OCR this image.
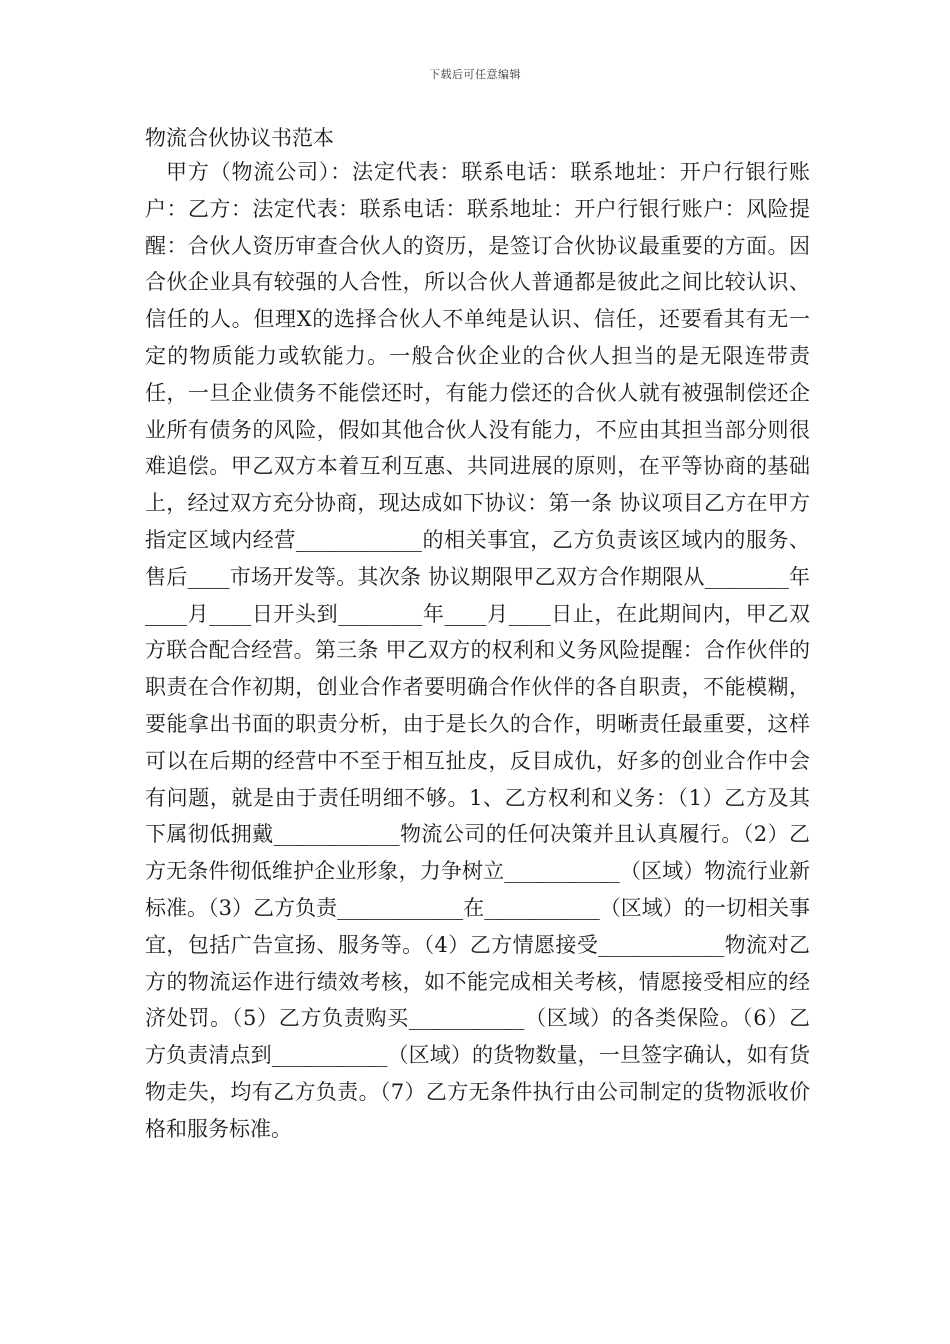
下载后可任意编辑
物流合伙协议书范本

甲方（物流公司）：法定代表：联系电话：联系地址：开户行银行账户：乙方：法定代表：联系电话：联系地址：开户行银行账户：风险提醒：合伙人资历审查合伙人的资历，是签订合伙协议最重要的方面。因合伙企业具有较强的人合性，所以合伙人普通都是彼此之间比较认识、信任的人。但理X的选择合伙人不单纯是认识、信任，还要看其有无一定的物质能力或软能力。一般合伙企业的合伙人担当的是无限连带责任，一旦企业债务不能偿还时，有能力偿还的合伙人就有被强制偿还企业所有债务的风险，假如其他合伙人没有能力，不应由其担当部分则很难追偿。甲乙双方本着互利互惠、共同进展的原则，在平等协商的基础上，经过双方充分协商，现达成如下协议：第一条 协议项目乙方在甲方指定区域内经营____________的相关事宜，乙方负责该区域内的服务、售后____市场开发等。其次条 协议期限甲乙双方合作期限从________年____月____日开头到________年____月____日止，在此期间内，甲乙双方联合配合经营。第三条 甲乙双方的权利和义务风险提醒：合作伙伴的职责在合作初期，创业合作者要明确合作伙伴的各自职责，不能模糊，要能拿出书面的职责分析，由于是长久的合作，明晰责任最重要，这样可以在后期的经营中不至于相互扯皮，反目成仇，好多的创业合作中会有问题，就是由于责任明细不够。1、乙方权利和义务：（1）乙方及其下属彻低拥戴____________物流公司的任何决策并且认真履行。（2）乙方无条件彻低维护企业形象，力争树立___________（区域）物流行业新标准。（3）乙方负责____________在___________（区域）的一切相关事宜，包括广告宣扬、服务等。（4）乙方情愿接受____________物流对乙方的物流运作进行绩效考核，如不能完成相关考核，情愿接受相应的经济处罚。（5）乙方负责购买___________（区域）的各类保险。（6）乙方负责清点到___________（区域）的货物数量，一旦签字确认，如有货物走失，均有乙方负责。（7）乙方无条件执行由公司制定的货物派收价格和服务标准。
